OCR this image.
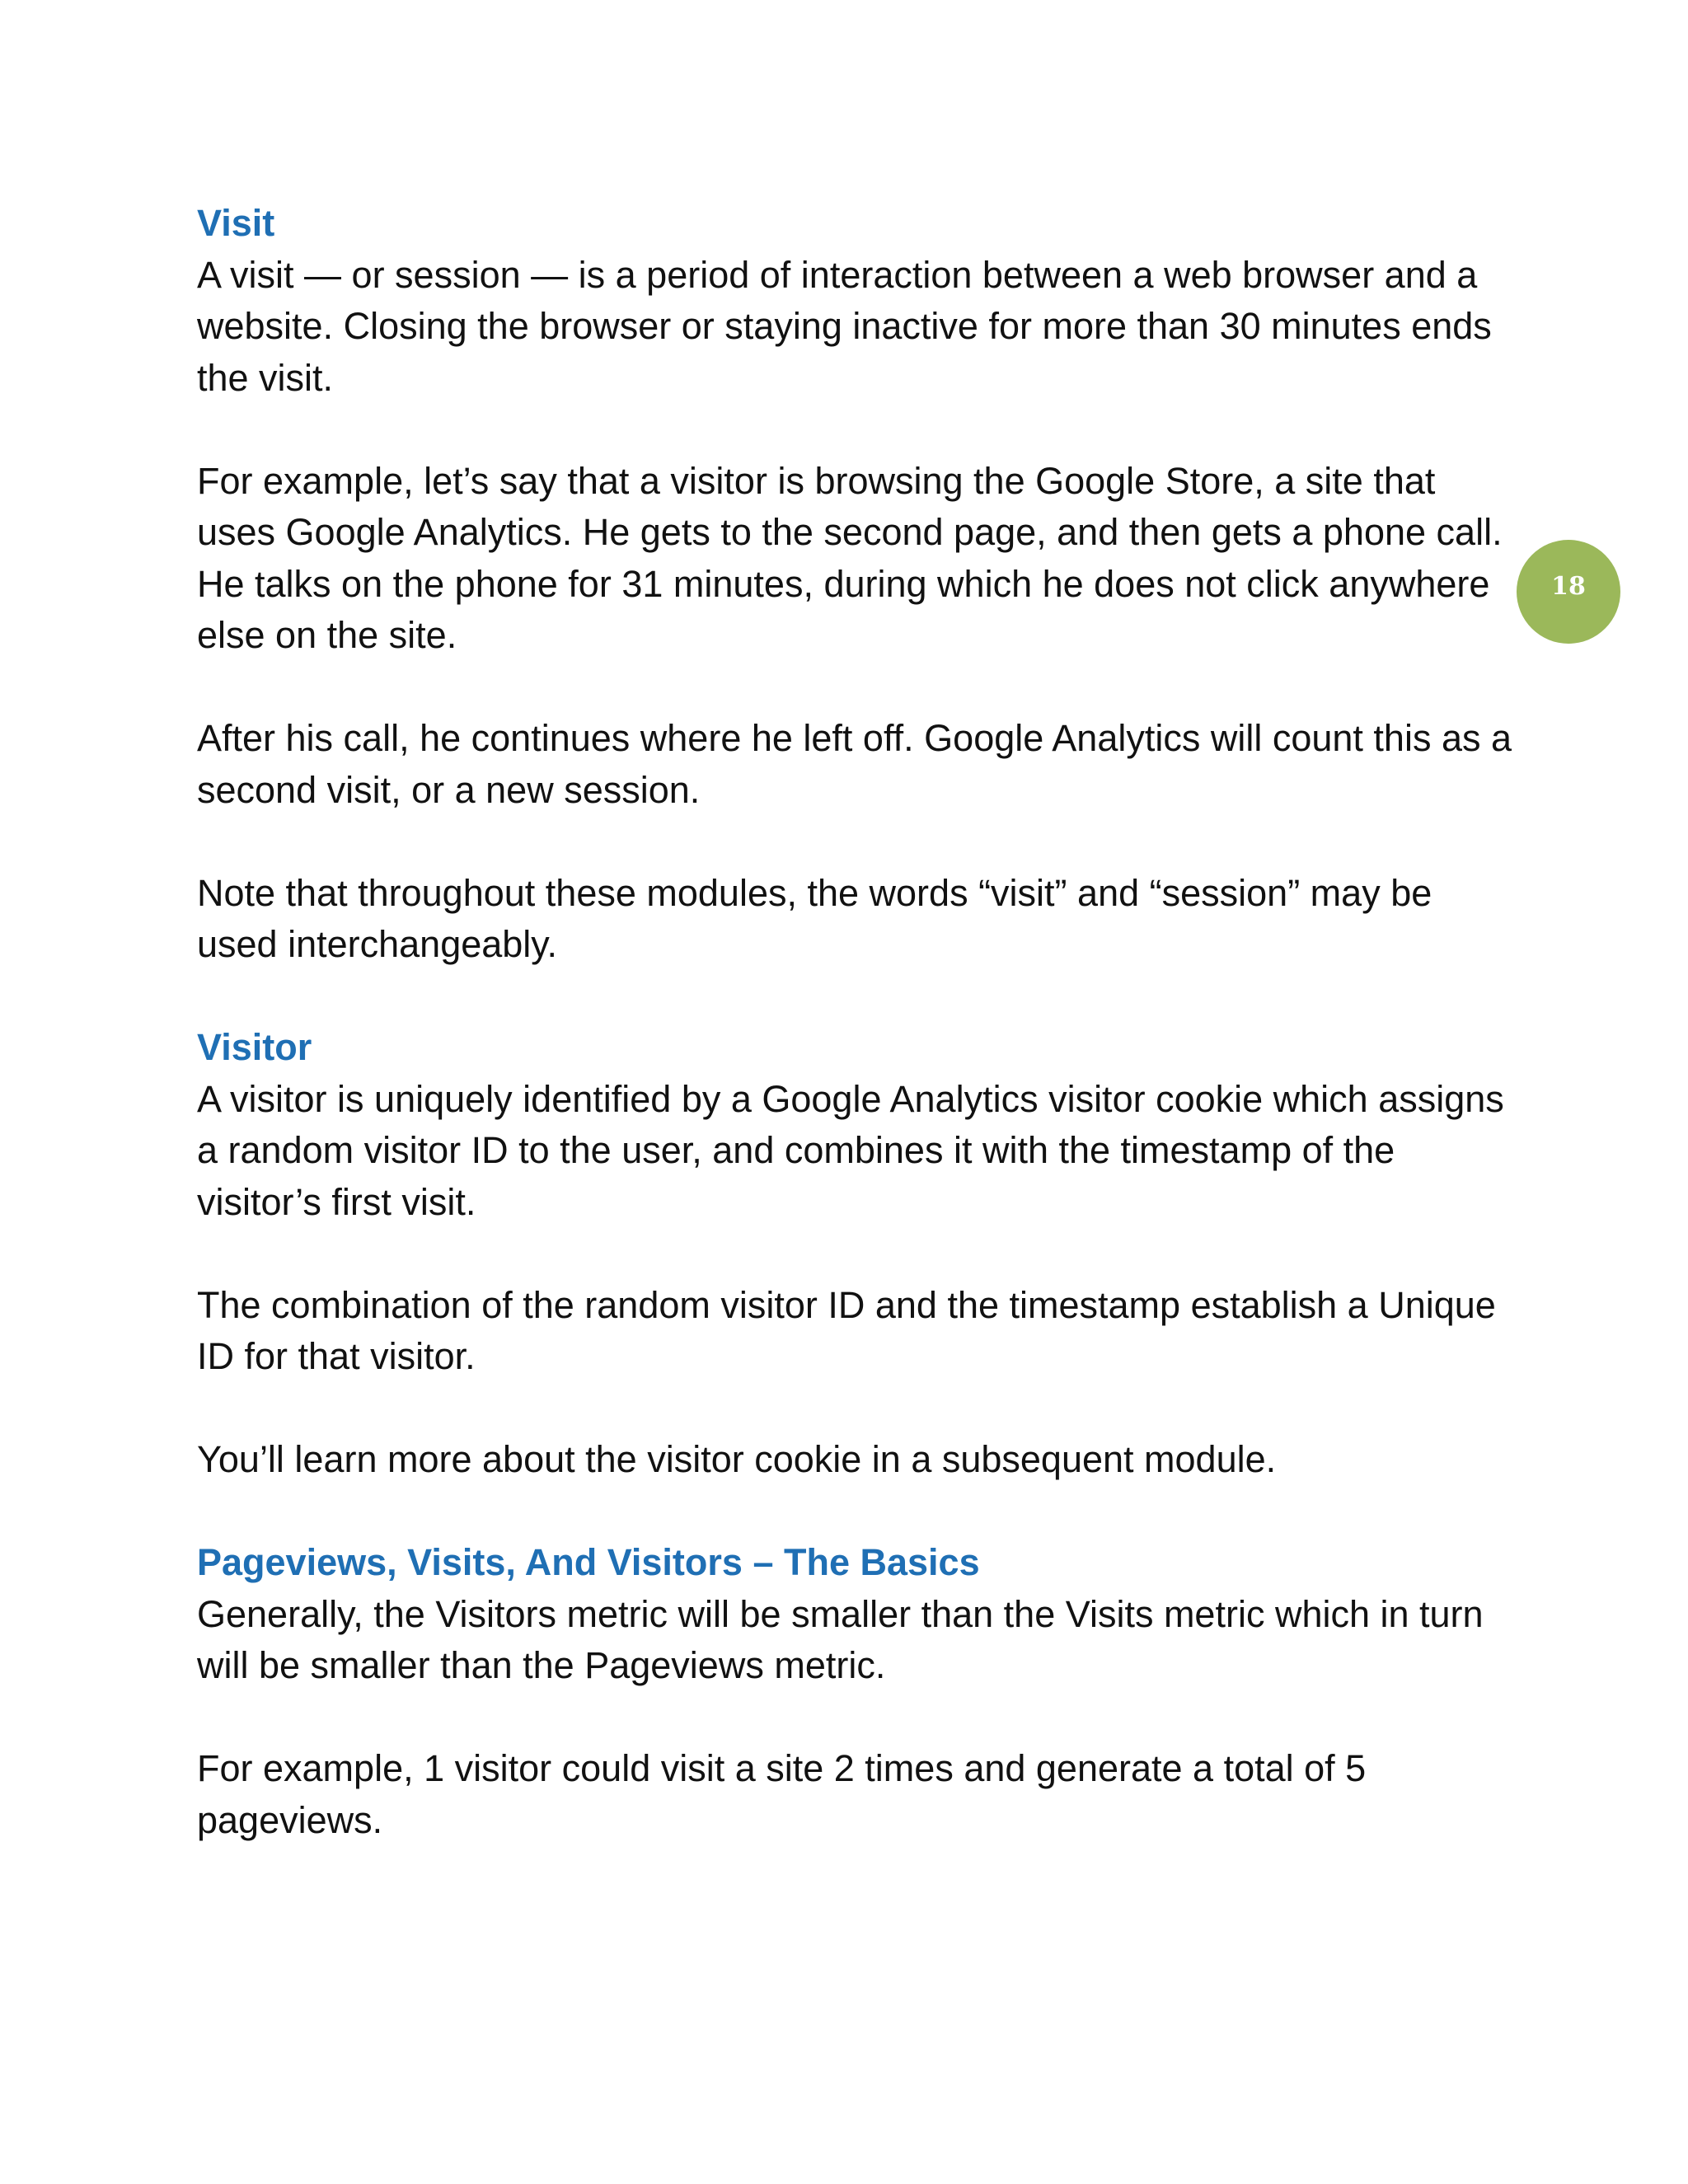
Visit

A visit — or session — is a period of interaction between a web browser and a website. Closing the browser or staying inactive for more than 30 minutes ends the visit.

For example, let’s say that a visitor is browsing the Google Store, a site that uses Google Analytics. He gets to the second page, and then gets a phone call. He talks on the phone for 31 minutes, during which he does not click anywhere else on the site.

After his call, he continues where he left off. Google Analytics will count this as a second visit, or a new session.

Note that throughout these modules, the words “visit” and “session” may be used interchangeably.

Visitor

A visitor is uniquely identified by a Google Analytics visitor cookie which assigns a random visitor ID to the user, and combines it with the timestamp of the visitor’s first visit.

The combination of the random visitor ID and the timestamp establish a Unique ID for that visitor.

You’ll learn more about the visitor cookie in a subsequent module.

Pageviews, Visits, And Visitors – The Basics

Generally, the Visitors metric will be smaller than the Visits metric which in turn will be smaller than the Pageviews metric.

For example, 1 visitor could visit a site 2 times and generate a total of 5 pageviews.

18
